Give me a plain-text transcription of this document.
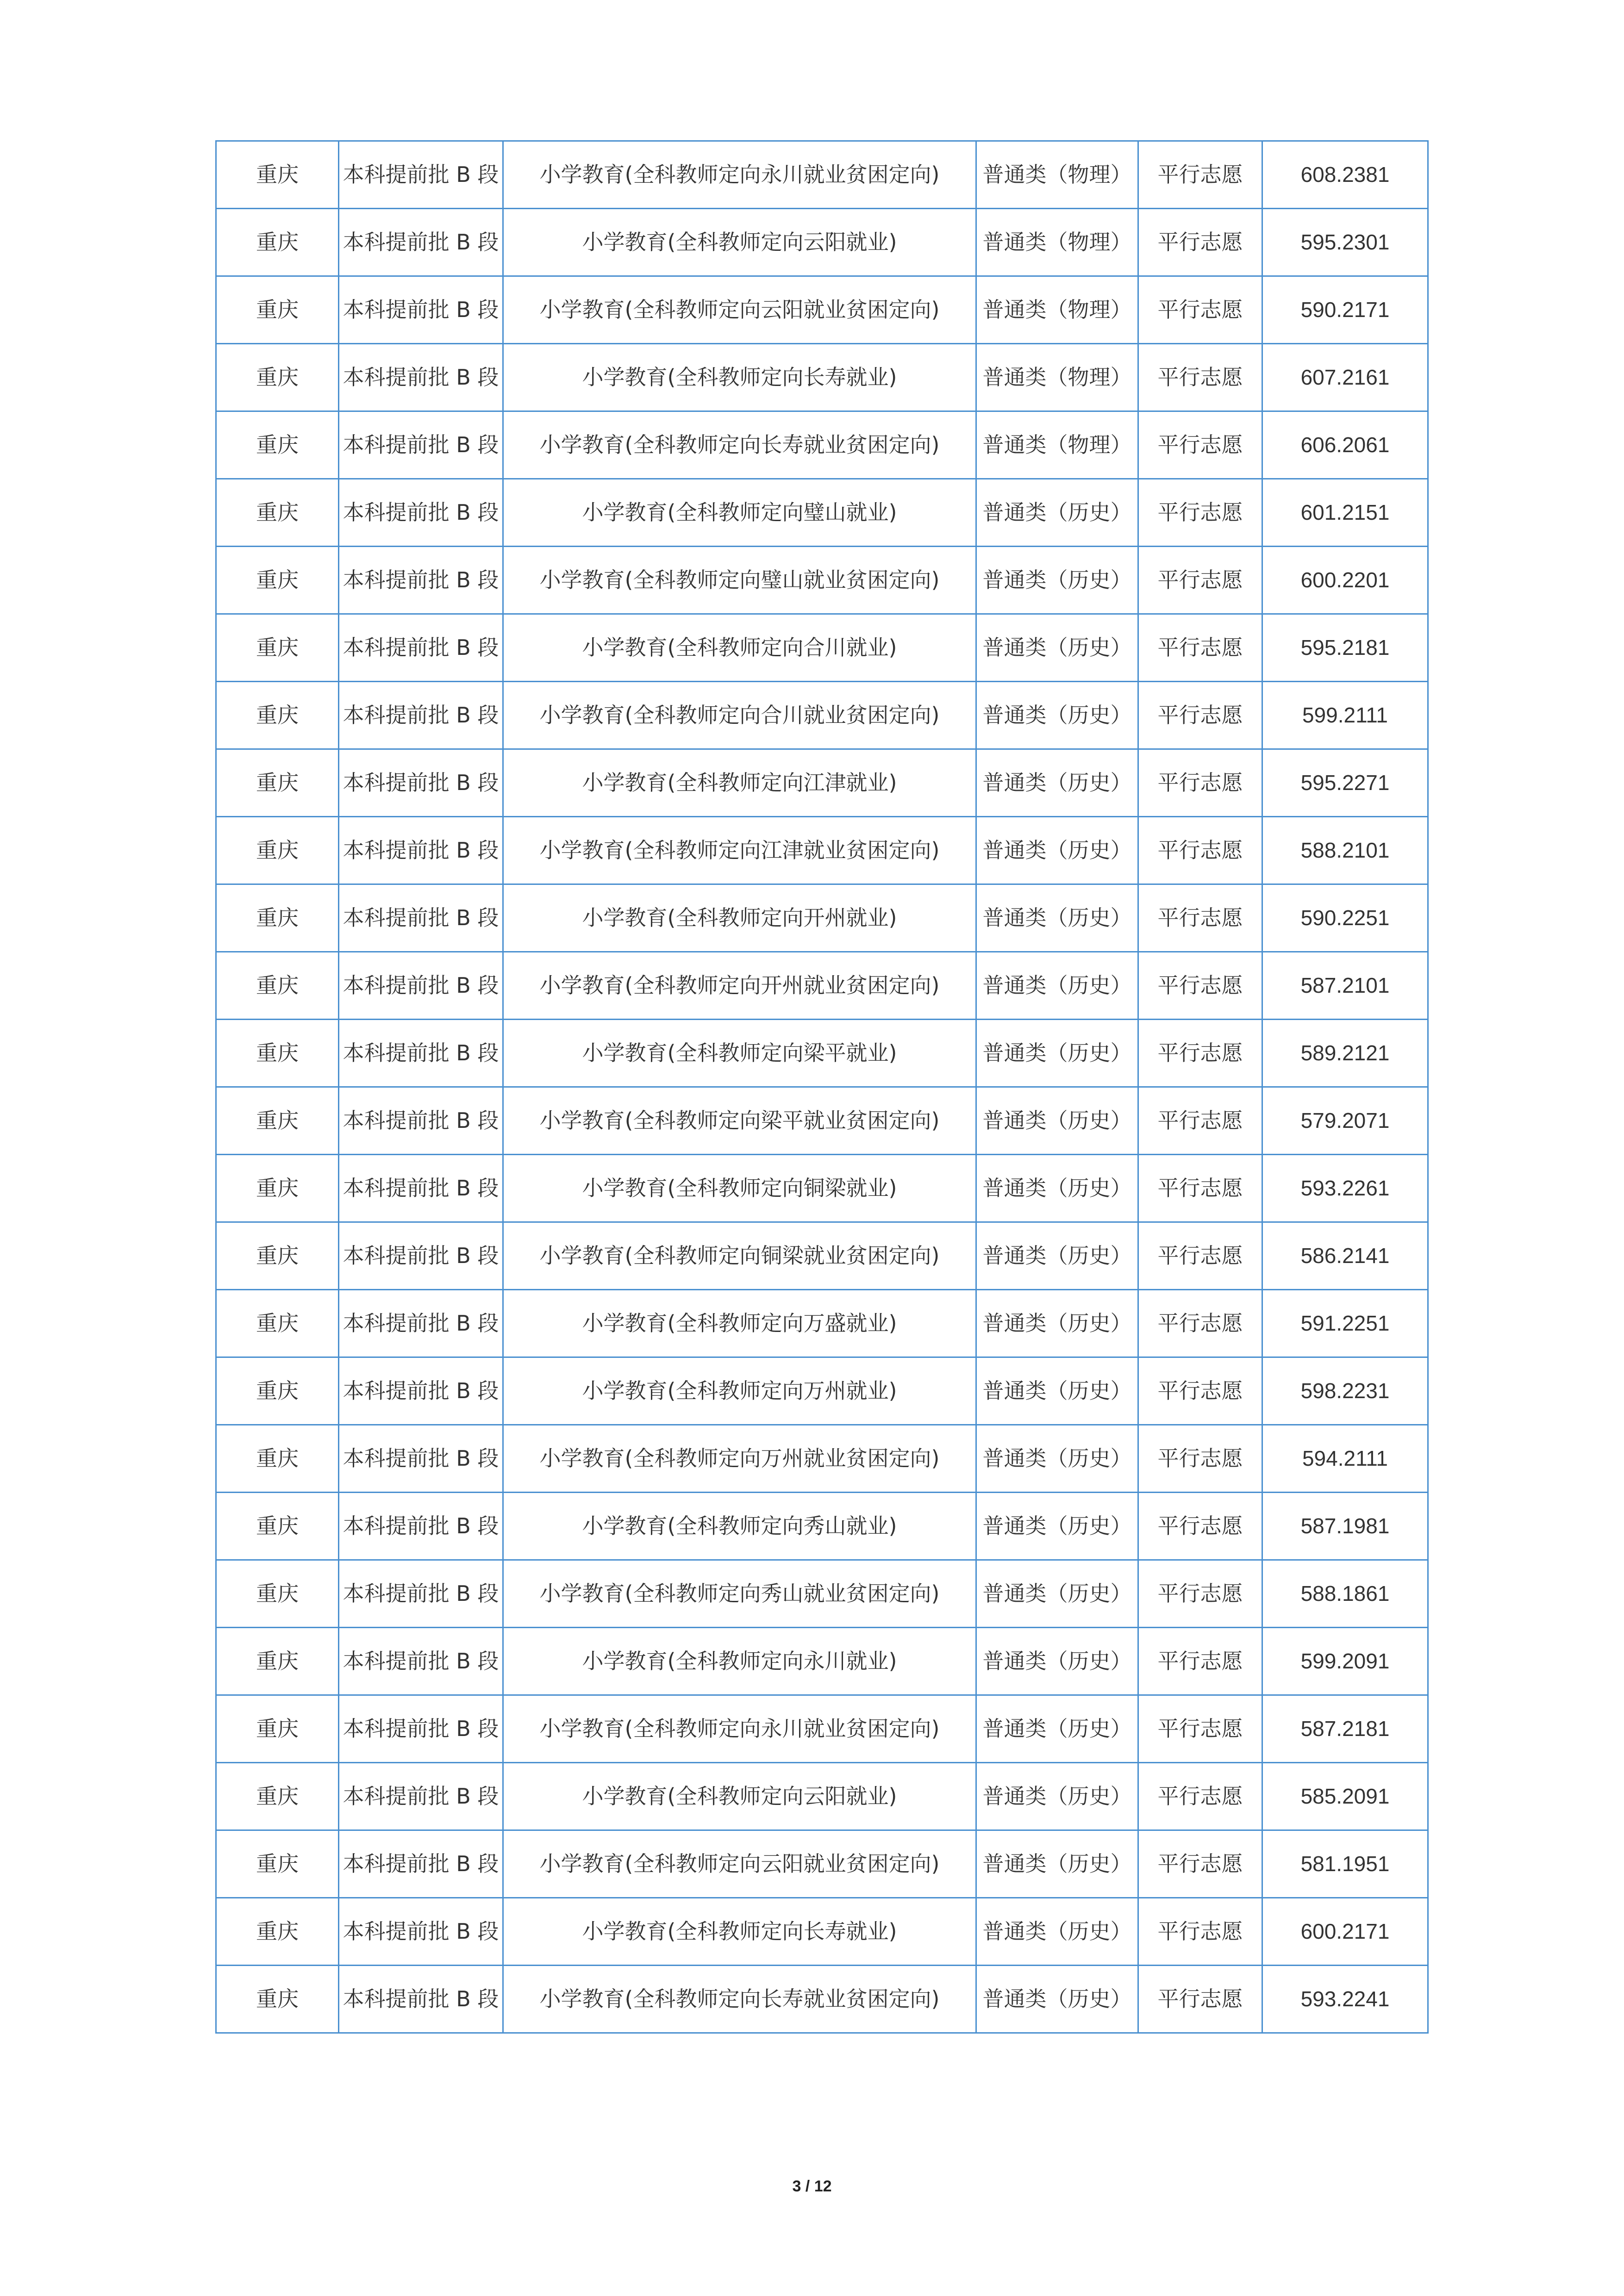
重庆	本科提前批 B 段	小学教育(全科教师定向永川就业贫困定向)	普通类（物理）	平行志愿	608.2381
重庆	本科提前批 B 段	小学教育(全科教师定向云阳就业)	普通类（物理）	平行志愿	595.2301
重庆	本科提前批 B 段	小学教育(全科教师定向云阳就业贫困定向)	普通类（物理）	平行志愿	590.2171
重庆	本科提前批 B 段	小学教育(全科教师定向长寿就业)	普通类（物理）	平行志愿	607.2161
重庆	本科提前批 B 段	小学教育(全科教师定向长寿就业贫困定向)	普通类（物理）	平行志愿	606.2061
重庆	本科提前批 B 段	小学教育(全科教师定向璧山就业)	普通类（历史）	平行志愿	601.2151
重庆	本科提前批 B 段	小学教育(全科教师定向璧山就业贫困定向)	普通类（历史）	平行志愿	600.2201
重庆	本科提前批 B 段	小学教育(全科教师定向合川就业)	普通类（历史）	平行志愿	595.2181
重庆	本科提前批 B 段	小学教育(全科教师定向合川就业贫困定向)	普通类（历史）	平行志愿	599.2111
重庆	本科提前批 B 段	小学教育(全科教师定向江津就业)	普通类（历史）	平行志愿	595.2271
重庆	本科提前批 B 段	小学教育(全科教师定向江津就业贫困定向)	普通类（历史）	平行志愿	588.2101
重庆	本科提前批 B 段	小学教育(全科教师定向开州就业)	普通类（历史）	平行志愿	590.2251
重庆	本科提前批 B 段	小学教育(全科教师定向开州就业贫困定向)	普通类（历史）	平行志愿	587.2101
重庆	本科提前批 B 段	小学教育(全科教师定向梁平就业)	普通类（历史）	平行志愿	589.2121
重庆	本科提前批 B 段	小学教育(全科教师定向梁平就业贫困定向)	普通类（历史）	平行志愿	579.2071
重庆	本科提前批 B 段	小学教育(全科教师定向铜梁就业)	普通类（历史）	平行志愿	593.2261
重庆	本科提前批 B 段	小学教育(全科教师定向铜梁就业贫困定向)	普通类（历史）	平行志愿	586.2141
重庆	本科提前批 B 段	小学教育(全科教师定向万盛就业)	普通类（历史）	平行志愿	591.2251
重庆	本科提前批 B 段	小学教育(全科教师定向万州就业)	普通类（历史）	平行志愿	598.2231
重庆	本科提前批 B 段	小学教育(全科教师定向万州就业贫困定向)	普通类（历史）	平行志愿	594.2111
重庆	本科提前批 B 段	小学教育(全科教师定向秀山就业)	普通类（历史）	平行志愿	587.1981
重庆	本科提前批 B 段	小学教育(全科教师定向秀山就业贫困定向)	普通类（历史）	平行志愿	588.1861
重庆	本科提前批 B 段	小学教育(全科教师定向永川就业)	普通类（历史）	平行志愿	599.2091
重庆	本科提前批 B 段	小学教育(全科教师定向永川就业贫困定向)	普通类（历史）	平行志愿	587.2181
重庆	本科提前批 B 段	小学教育(全科教师定向云阳就业)	普通类（历史）	平行志愿	585.2091
重庆	本科提前批 B 段	小学教育(全科教师定向云阳就业贫困定向)	普通类（历史）	平行志愿	581.1951
重庆	本科提前批 B 段	小学教育(全科教师定向长寿就业)	普通类（历史）	平行志愿	600.2171
重庆	本科提前批 B 段	小学教育(全科教师定向长寿就业贫困定向)	普通类（历史）	平行志愿	593.2241
3 / 12
